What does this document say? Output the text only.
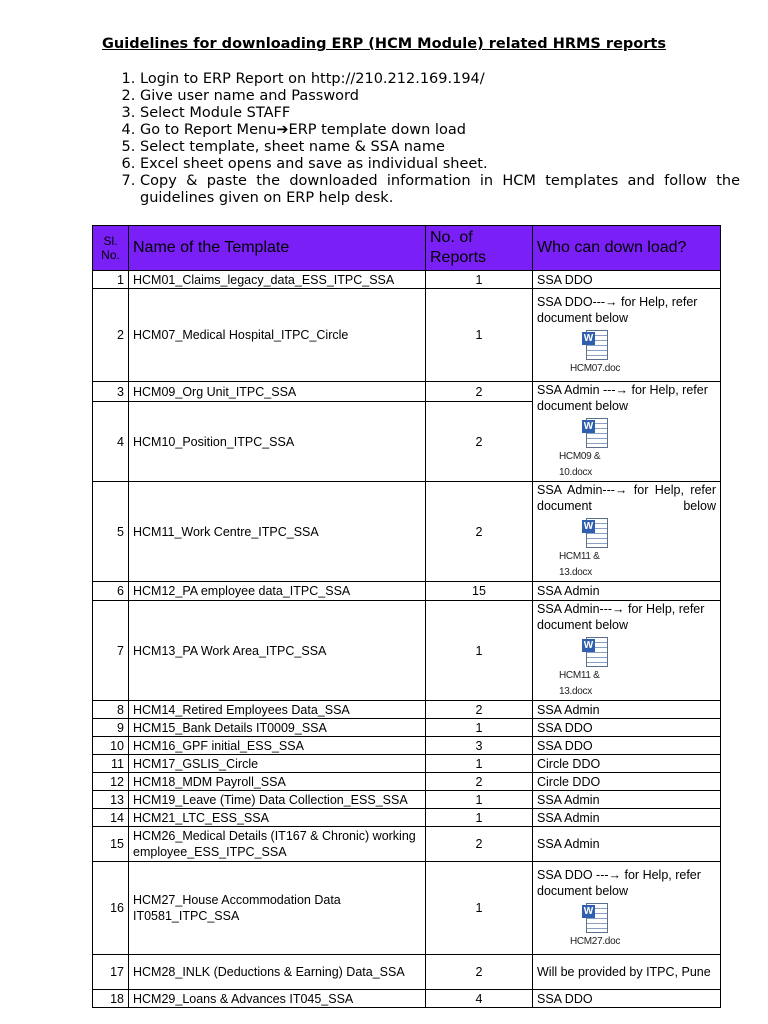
Guidelines for downloading ERP (HCM Module) related HRMS reports
1. Login to ERP Report on http://210.212.169.194/
2. Give user name and Password
3. Select Module STAFF
4. Go to Report Menu➔ERP template down load
5. Select template, sheet name & SSA name
6. Excel sheet opens and save as individual sheet.
7. Copy & paste the downloaded information in HCM templates and follow the guidelines given on ERP help desk.
Sl. No.	Name of the Template	No. of Reports	Who can down load?
1	HCM01_Claims_legacy_data_ESS_ITPC_SSA	1	SSA DDO
2	HCM07_Medical Hospital_ITPC_Circle	1	SSA DDO---→ for Help, refer document below
W
HCM07.doc

3	HCM09_Org Unit_ITPC_SSA	2	SSA Admin ---→ for Help, refer document below
W
HCM09 & 10.docx

4	HCM10_Position_ITPC_SSA	2	
5	HCM11_Work Centre_ITPC_SSA	2	SSA Admin---→ for Help, refer document below
W
HCM11 & 13.docx

6	HCM12_PA employee data_ITPC_SSA	15	SSA Admin
7	HCM13_PA Work Area_ITPC_SSA	1	SSA Admin---→ for Help, refer document below
W
HCM11 & 13.docx

8	HCM14_Retired Employees Data_SSA	2	SSA Admin
9	HCM15_Bank Details IT0009_SSA	1	SSA DDO
10	HCM16_GPF initial_ESS_SSA	3	SSA DDO
11	HCM17_GSLIS_Circle	1	Circle DDO
12	HCM18_MDM Payroll_SSA	2	Circle DDO
13	HCM19_Leave (Time) Data Collection_ESS_SSA	1	SSA Admin
14	HCM21_LTC_ESS_SSA	1	SSA Admin
15	HCM26_Medical Details (IT167 & Chronic) working employee_ESS_ITPC_SSA	2	SSA Admin
16	HCM27_House Accommodation Data IT0581_ITPC_SSA	1	SSA DDO ---→ for Help, refer document below
W
HCM27.doc

17	HCM28_INLK (Deductions & Earning) Data_SSA	2	Will be provided by ITPC, Pune
18	HCM29_Loans & Advances IT045_SSA	4	SSA DDO
